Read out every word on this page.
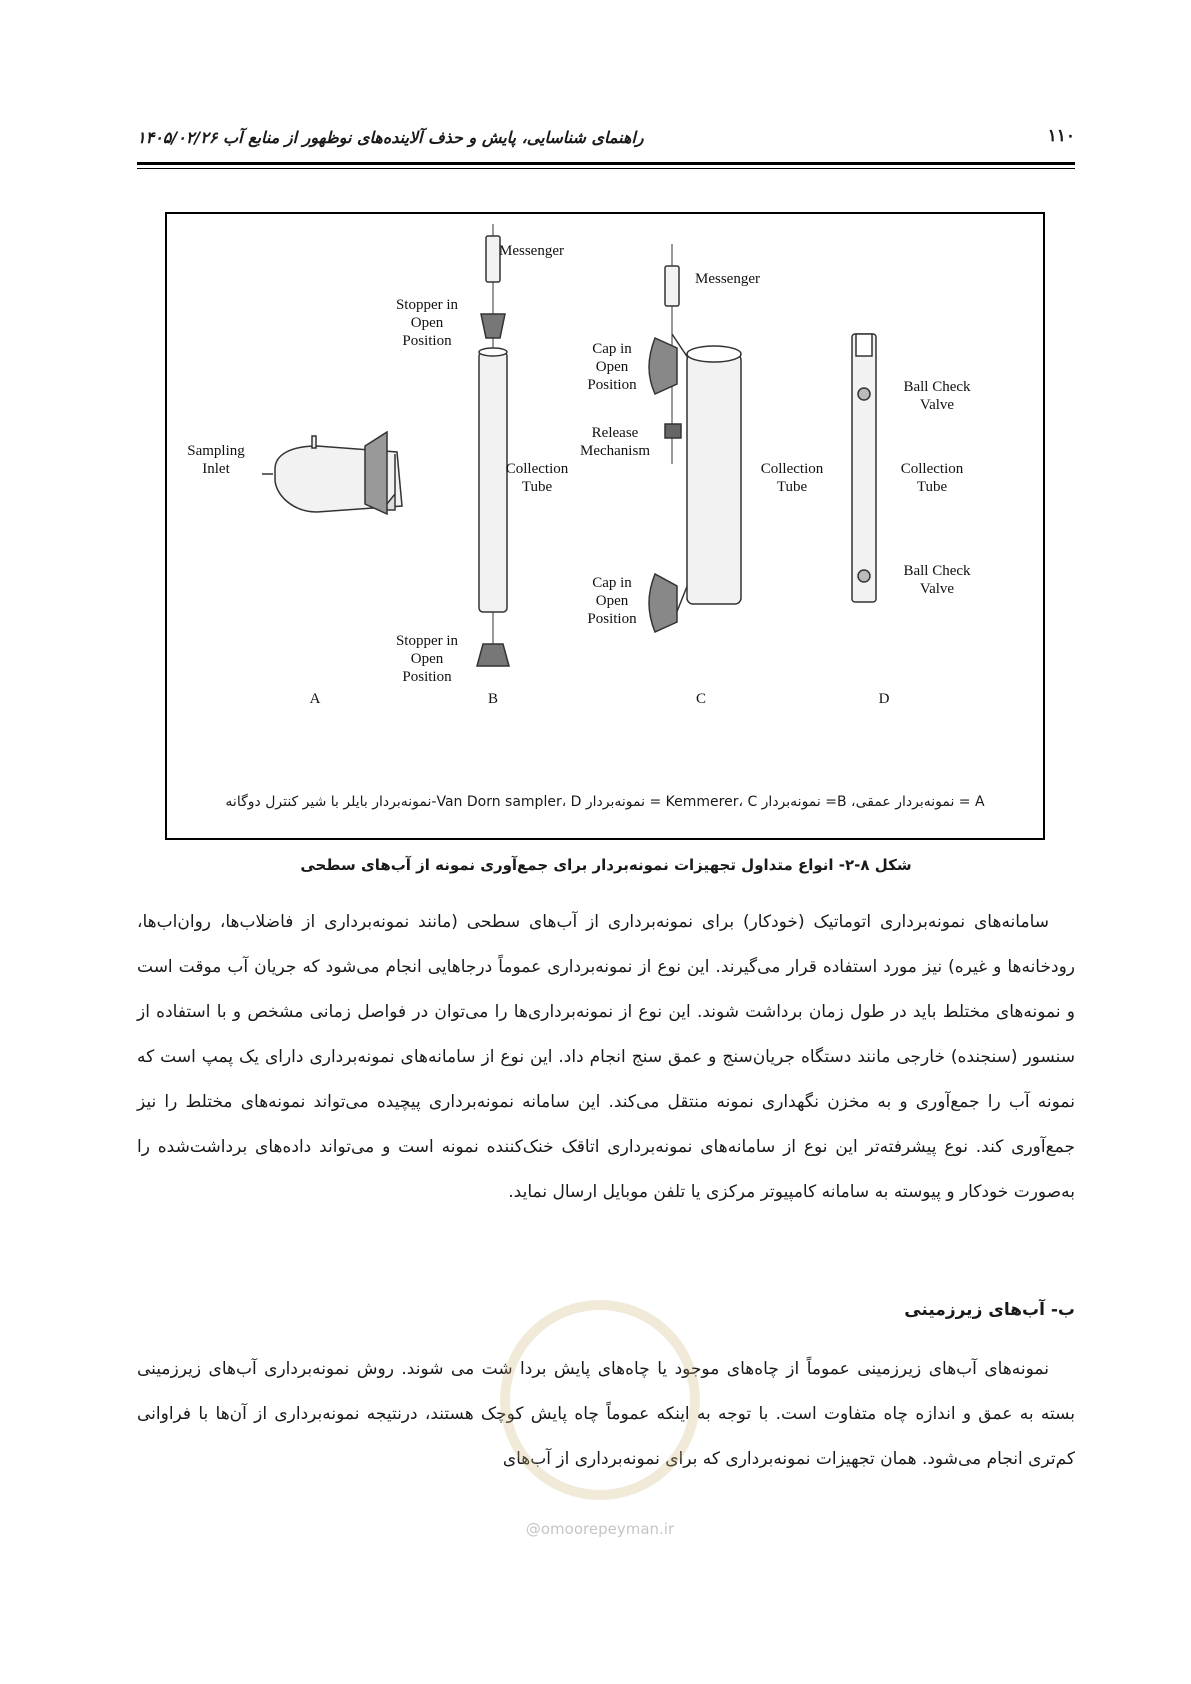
۱۱۰
راهنمای شناسایی، پایش و حذف آلاینده‌های نوظهور از منابع آب ۱۴۰۵/۰۲/۲۶
Sampling
Inlet
Messenger
Stopper in
Open
Position
Collection
Tube
Stopper in
Open
Position
Messenger
Cap in
Open
Position
Release
Mechanism
Collection
Tube
Cap in
Open
Position
Ball Check
Valve
Collection
Tube
Ball Check
Valve
A	B	C	D
A = نمونه‌بردار عمقی، B= نمونه‌بردار Kemmerer، C = نمونه‌بردار Van Dorn sampler، D-نمونه‌بردار بایلر با شیر کنترل دوگانه
شکل ۸-۲- انواع متداول تجهیزات نمونه‌بردار برای جمع‌آوری نمونه از آب‌های سطحی
سامانه‌های نمونه‌برداری اتوماتیک (خودکار) برای نمونه‌برداری از آب‌های سطحی (مانند نمونه‌برداری از فاضلاب‌ها، روان‌اب‌ها، رودخانه‌ها و غیره) نیز مورد استفاده قرار می‌گیرند. این نوع از نمونه‌برداری عموماً درجاهایی انجام می‌شود که جریان آب موقت است و نمونه‌های مختلط باید در طول زمان برداشت شوند. این نوع از نمونه‌برداری‌ها را می‌توان در فواصل زمانی مشخص و با استفاده از سنسور (سنجنده) خارجی مانند دستگاه جریان‌سنج و عمق سنج انجام داد. این نوع از سامانه‌های نمونه‌برداری دارای یک پمپ است که نمونه آب را جمع‌آوری و به مخزن نگهداری نمونه منتقل می‌کند. این سامانه نمونه‌برداری پیچیده می‌تواند نمونه‌های مختلط را نیز جمع‌آوری کند. نوع پیشرفته‌تر این نوع از سامانه‌های نمونه‌برداری اتاقک خنک‌کننده نمونه است و می‌تواند داده‌های برداشت‌شده را به‌صورت خودکار و پیوسته به سامانه کامپیوتر مرکزی یا تلفن موبایل ارسال نماید.
ب- آب‌های زیرزمینی
نمونه‌های آب‌های زیرزمینی عموماً از چاه‌های موجود یا چاه‌های پایش بردا شت می شوند. روش نمونه‌برداری آب‌های زیرزمینی بسته به عمق و اندازه چاه متفاوت است. با توجه به اینکه عموماً چاه پایش کوچک هستند، درنتیجه نمونه‌برداری از آن‌ها با فراوانی کم‌تری انجام می‌شود. همان تجهیزات نمونه‌برداری که برای نمونه‌برداری از آب‌های
@omoorepeyman.ir
